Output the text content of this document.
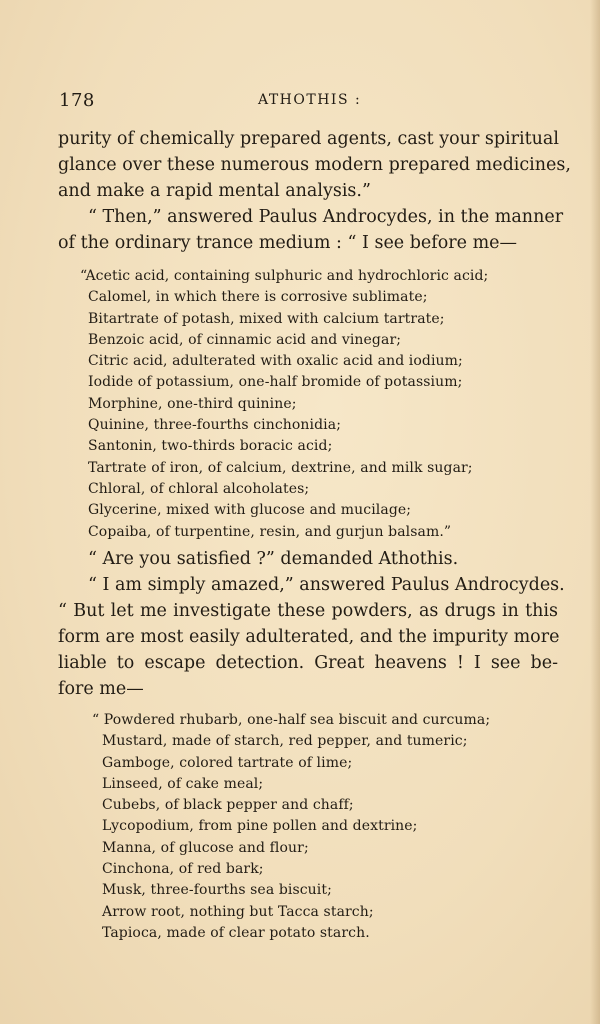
178	ATHOTHIS :
purity of chemically prepared agents, cast your spiritual
glance over these numerous modern prepared medicines,
and make a rapid mental analysis.”
“ Then,” answered Paulus Androcydes, in the manner
of the ordinary trance medium : “ I see before me—
“Acetic acid, containing sulphuric and hydrochloric acid;
Calomel, in which there is corrosive sublimate;
Bitartrate of potash, mixed with calcium tartrate;
Benzoic acid, of cinnamic acid and vinegar;
Citric acid, adulterated with oxalic acid and iodium;
Iodide of potassium, one-half bromide of potassium;
Morphine, one-third quinine;
Quinine, three-fourths cinchonidia;
Santonin, two-thirds boracic acid;
Tartrate of iron, of calcium, dextrine, and milk sugar;
Chloral, of chloral alcoholates;
Glycerine, mixed with glucose and mucilage;
Copaiba, of turpentine, resin, and gurjun balsam.”
“ Are you satisfied ?” demanded Athothis.
“ I am simply amazed,” answered Paulus Androcydes.
“ But let me investigate these powders, as drugs in this
form are most easily adulterated, and the impurity more
liable to escape detection. Great heavens ! I see be-
fore me—
“ Powdered rhubarb, one-half sea biscuit and curcuma;
Mustard, made of starch, red pepper, and tumeric;
Gamboge, colored tartrate of lime;
Linseed, of cake meal;
Cubebs, of black pepper and chaff;
Lycopodium, from pine pollen and dextrine;
Manna, of glucose and flour;
Cinchona, of red bark;
Musk, three-fourths sea biscuit;
Arrow root, nothing but Tacca starch;
Tapioca, made of clear potato starch.
